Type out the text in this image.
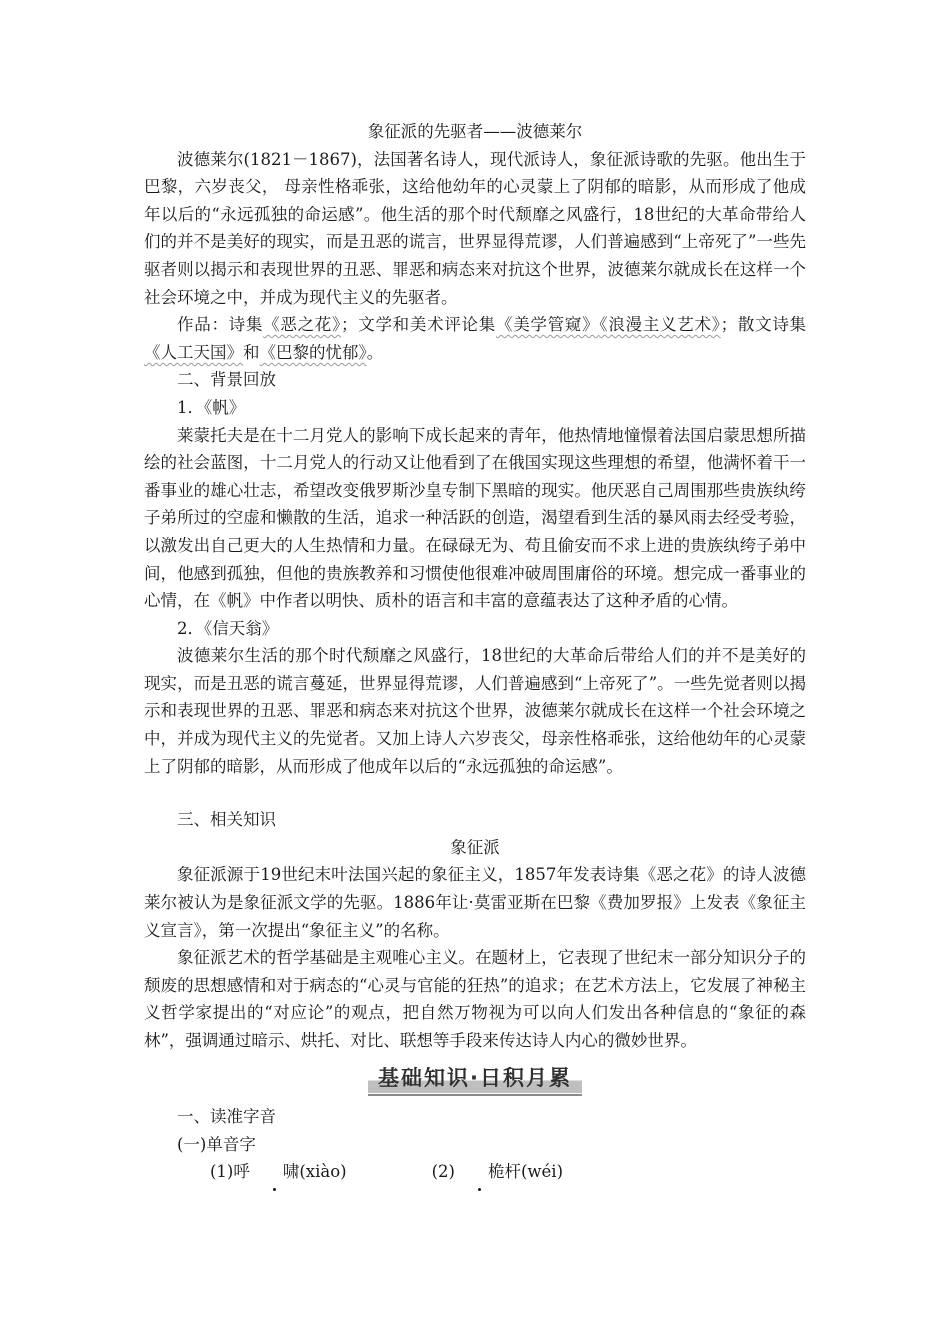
象征派的先驱者——波德莱尔
波德莱尔(1821－1867)，法国著名诗人，现代派诗人，象征派诗歌的先驱。他出生于巴黎，六岁丧父， 母亲性格乖张，这给他幼年的心灵蒙上了阴郁的暗影，从而形成了他成年以后的“永远孤独的命运感”。他生活的那个时代颓靡之风盛行，18世纪的大革命带给人们的并不是美好的现实，而是丑恶的谎言，世界显得荒谬，人们普遍感到“上帝死了”一些先驱者则以揭示和表现世界的丑恶、罪恶和病态来对抗这个世界，波德莱尔就成长在这样一个社会环境之中，并成为现代主义的先驱者。
作品：诗集《恶之花》；文学和美术评论集《美学管窥》《浪漫主义艺术》；散文诗集《人工天国》和《巴黎的忧郁》。
二、背景回放
1．《帆》
莱蒙托夫是在十二月党人的影响下成长起来的青年，他热情地憧憬着法国启蒙思想所描绘的社会蓝图，十二月党人的行动又让他看到了在俄国实现这些理想的希望，他满怀着干一番事业的雄心壮志，希望改变俄罗斯沙皇专制下黑暗的现实。他厌恶自己周围那些贵族纨绔子弟所过的空虚和懒散的生活，追求一种活跃的创造，渴望看到生活的暴风雨去经受考验，以激发出自己更大的人生热情和力量。在碌碌无为、苟且偷安而不求上进的贵族纨绔子弟中间，他感到孤独，但他的贵族教养和习惯使他很难冲破周围庸俗的环境。想完成一番事业的心情，在《帆》中作者以明快、质朴的语言和丰富的意蕴表达了这种矛盾的心情。
2．《信天翁》
波德莱尔生活的那个时代颓靡之风盛行，18世纪的大革命后带给人们的并不是美好的现实，而是丑恶的谎言蔓延，世界显得荒谬，人们普遍感到“上帝死了”。一些先觉者则以揭示和表现世界的丑恶、罪恶和病态来对抗这个世界，波德莱尔就成长在这样一个社会环境之中，并成为现代主义的先觉者。又加上诗人六岁丧父，母亲性格乖张，这给他幼年的心灵蒙上了阴郁的暗影，从而形成了他成年以后的“永远孤独的命运感”。
三、相关知识
象征派
象征派源于19世纪末叶法国兴起的象征主义，1857年发表诗集《恶之花》的诗人波德莱尔被认为是象征派文学的先驱。1886年让·莫雷亚斯在巴黎《费加罗报》上发表《象征主义宣言》，第一次提出“象征主义”的名称。
象征派艺术的哲学基础是主观唯心主义。在题材上，它表现了世纪末一部分知识分子的颓废的思想感情和对于病态的“心灵与官能的狂热”的追求；在艺术方法上，它发展了神秘主义哲学家提出的“对应论”的观点，把自然万物视为可以向人们发出各种信息的“象征的森林”，强调通过暗示、烘托、对比、联想等手段来传达诗人内心的微妙世界。
基础知识·日积月累
一、读准字音
(一)单音字
(1)呼 啸(xiào)	(2) 桅杆(wéi)
